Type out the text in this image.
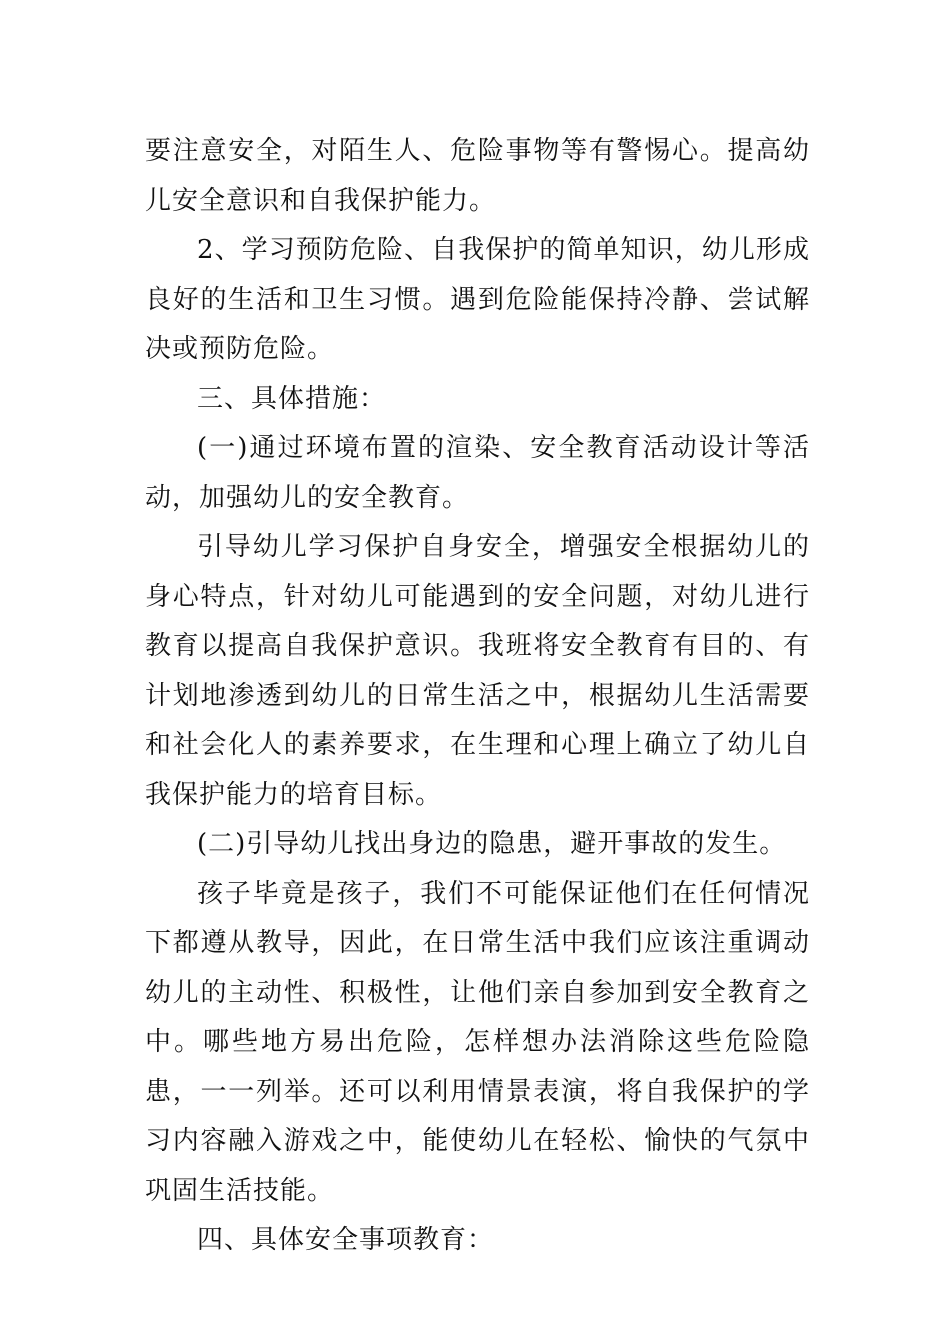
要注意安全，对陌生人、危险事物等有警惕心。提高幼儿安全意识和自我保护能力。

2、学习预防危险、自我保护的简单知识，幼儿形成良好的生活和卫生习惯。遇到危险能保持冷静、尝试解决或预防危险。

三、具体措施：

(一)通过环境布置的渲染、安全教育活动设计等活动，加强幼儿的安全教育。

引导幼儿学习保护自身安全，增强安全根据幼儿的身心特点，针对幼儿可能遇到的安全问题，对幼儿进行教育以提高自我保护意识。我班将安全教育有目的、有计划地渗透到幼儿的日常生活之中，根据幼儿生活需要和社会化人的素养要求，在生理和心理上确立了幼儿自我保护能力的培育目标。

(二)引导幼儿找出身边的隐患，避开事故的发生。

孩子毕竟是孩子，我们不可能保证他们在任何情况下都遵从教导，因此，在日常生活中我们应该注重调动幼儿的主动性、积极性，让他们亲自参加到安全教育之中。哪些地方易出危险，怎样想办法消除这些危险隐患，一一列举。还可以利用情景表演，将自我保护的学习内容融入游戏之中，能使幼儿在轻松、愉快的气氛中巩固生活技能。

四、具体安全事项教育：
